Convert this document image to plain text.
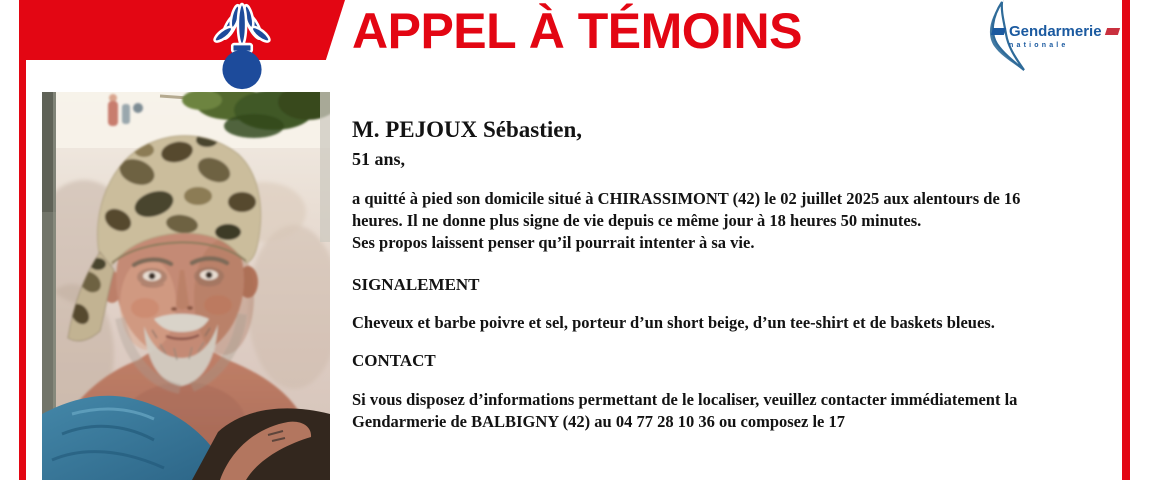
APPEL À TÉMOINS	Gendarmerie
nationale
M. PEJOUX Sébastien,
51 ans,
a quitté à pied son domicile situé à CHIRASSIMONT (42) le 02 juillet 2025 aux alentours de 16
heures. Il ne donne plus signe de vie depuis ce même jour à 18 heures 50 minutes.
Ses propos laissent penser qu’il pourrait intenter à sa vie.
SIGNALEMENT
Cheveux et barbe poivre et sel, porteur d’un short beige, d’un tee-shirt et de baskets bleues.
CONTACT
Si vous disposez d’informations permettant de le localiser, veuillez contacter immédiatement la
Gendarmerie de BALBIGNY (42) au 04 77 28 10 36 ou composez le 17
